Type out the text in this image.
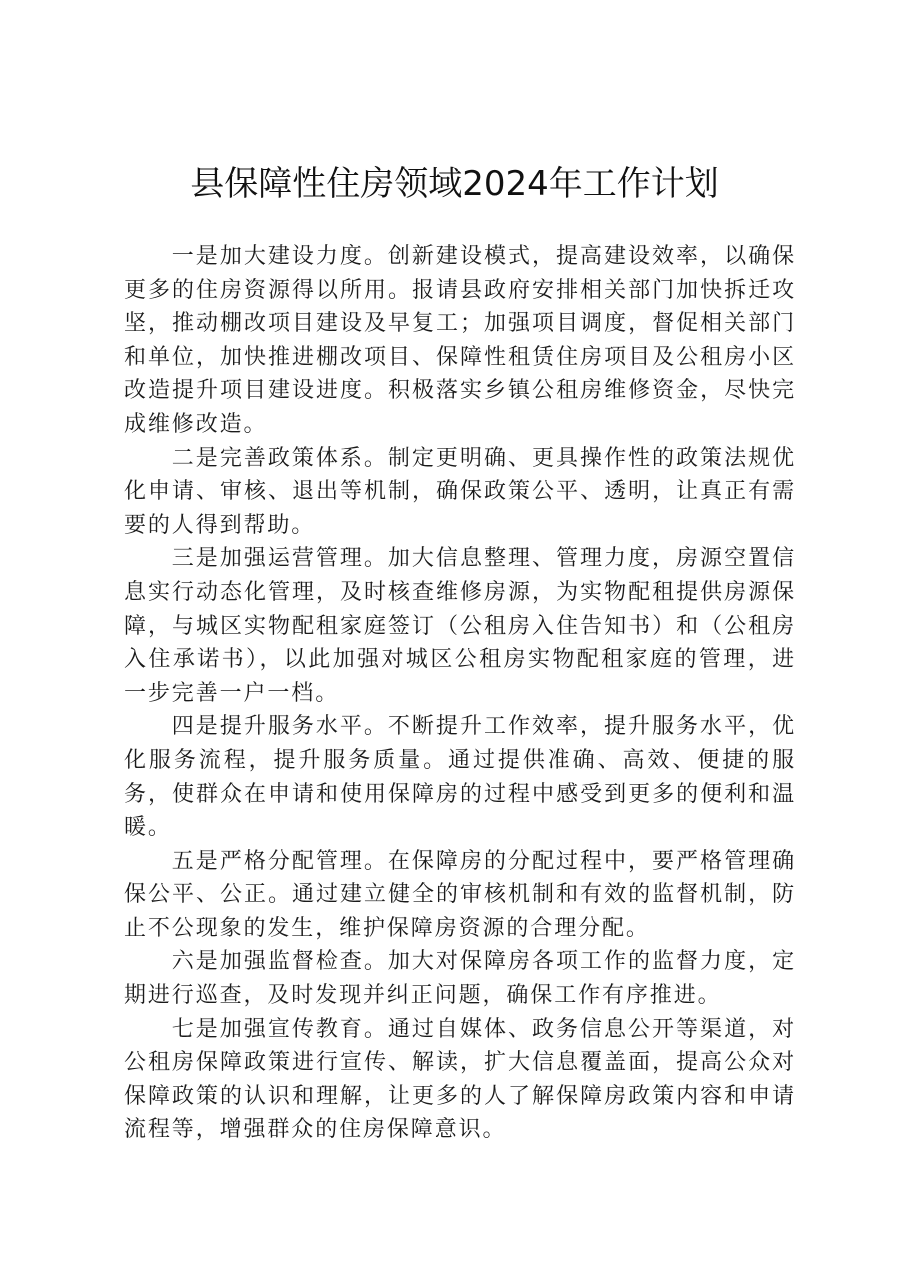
县保障性住房领域2024年工作计划

一是加大建设力度。创新建设模式，提高建设效率，以确保更多的住房资源得以所用。报请县政府安排相关部门加快拆迁攻坚，推动棚改项目建设及早复工；加强项目调度，督促相关部门和单位，加快推进棚改项目、保障性租赁住房项目及公租房小区改造提升项目建设进度。积极落实乡镇公租房维修资金，尽快完成维修改造。

二是完善政策体系。制定更明确、更具操作性的政策法规优化申请、审核、退出等机制，确保政策公平、透明，让真正有需要的人得到帮助。

三是加强运营管理。加大信息整理、管理力度，房源空置信息实行动态化管理，及时核查维修房源，为实物配租提供房源保障，与城区实物配租家庭签订（公租房入住告知书）和（公租房入住承诺书），以此加强对城区公租房实物配租家庭的管理，进一步完善一户一档。

四是提升服务水平。不断提升工作效率，提升服务水平，优化服务流程，提升服务质量。通过提供准确、高效、便捷的服务，使群众在申请和使用保障房的过程中感受到更多的便利和温暖。

五是严格分配管理。在保障房的分配过程中，要严格管理确保公平、公正。通过建立健全的审核机制和有效的监督机制，防止不公现象的发生，维护保障房资源的合理分配。

六是加强监督检查。加大对保障房各项工作的监督力度，定期进行巡查，及时发现并纠正问题，确保工作有序推进。

七是加强宣传教育。通过自媒体、政务信息公开等渠道，对公租房保障政策进行宣传、解读，扩大信息覆盖面，提高公众对保障政策的认识和理解，让更多的人了解保障房政策内容和申请流程等，增强群众的住房保障意识。
